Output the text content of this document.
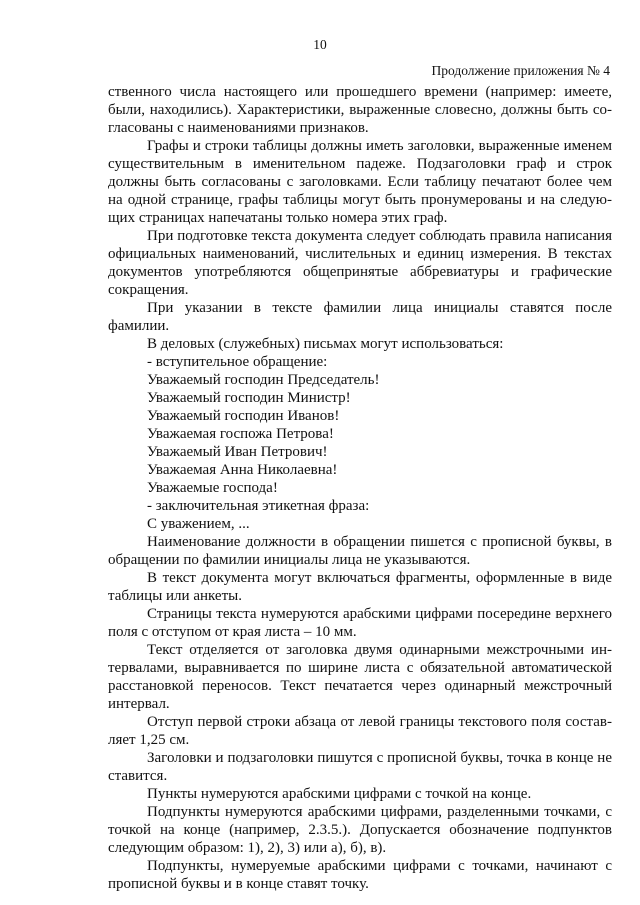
10
Продолжение приложения № 4

ственного числа настоящего или прошедшего времени (например: имеете, были, находились). Характеристики, выраженные словесно, должны быть согласованы с наименованиями признаков.

Графы и строки таблицы должны иметь заголовки, выраженные именем существительным в именительном падеже. Подзаголовки граф и строк должны быть согласованы с заголовками. Если таблицу печатают более чем на одной странице, графы таблицы могут быть пронумерованы и на следующих страницах напечатаны только номера этих граф.

При подготовке текста документа следует соблюдать правила написания официальных наименований, числительных и единиц измерения. В текстах документов употребляются общепринятые аббревиатуры и графические сокращения.

При указании в тексте фамилии лица инициалы ставятся после фамилии.

В деловых (служебных) письмах могут использоваться:

- вступительное обращение:

Уважаемый господин Председатель!

Уважаемый господин Министр!

Уважаемый господин Иванов!

Уважаемая госпожа Петрова!

Уважаемый Иван Петрович!

Уважаемая Анна Николаевна!

Уважаемые господа!

- заключительная этикетная фраза:

С уважением, ...

Наименование должности в обращении пишется с прописной буквы, в обращении по фамилии инициалы лица не указываются.

В текст документа могут включаться фрагменты, оформленные в виде таблицы или анкеты.

Страницы текста нумеруются арабскими цифрами посередине верхнего поля с отступом от края листа – 10 мм.

Текст отделяется от заголовка двумя одинарными межстрочными интервалами, выравнивается по ширине листа с обязательной автоматической расстановкой переносов. Текст печатается через одинарный межстрочный интервал.

Отступ первой строки абзаца от левой границы текстового поля составляет 1,25 см.

Заголовки и подзаголовки пишутся с прописной буквы, точка в конце не ставится.

Пункты нумеруются арабскими цифрами с точкой на конце.

Подпункты нумеруются арабскими цифрами, разделенными точками, с точкой на конце (например, 2.3.5.). Допускается обозначение подпунктов следующим образом: 1), 2), 3) или а), б), в).

Подпункты, нумеруемые арабскими цифрами с точками, начинают с прописной буквы и в конце ставят точку.
